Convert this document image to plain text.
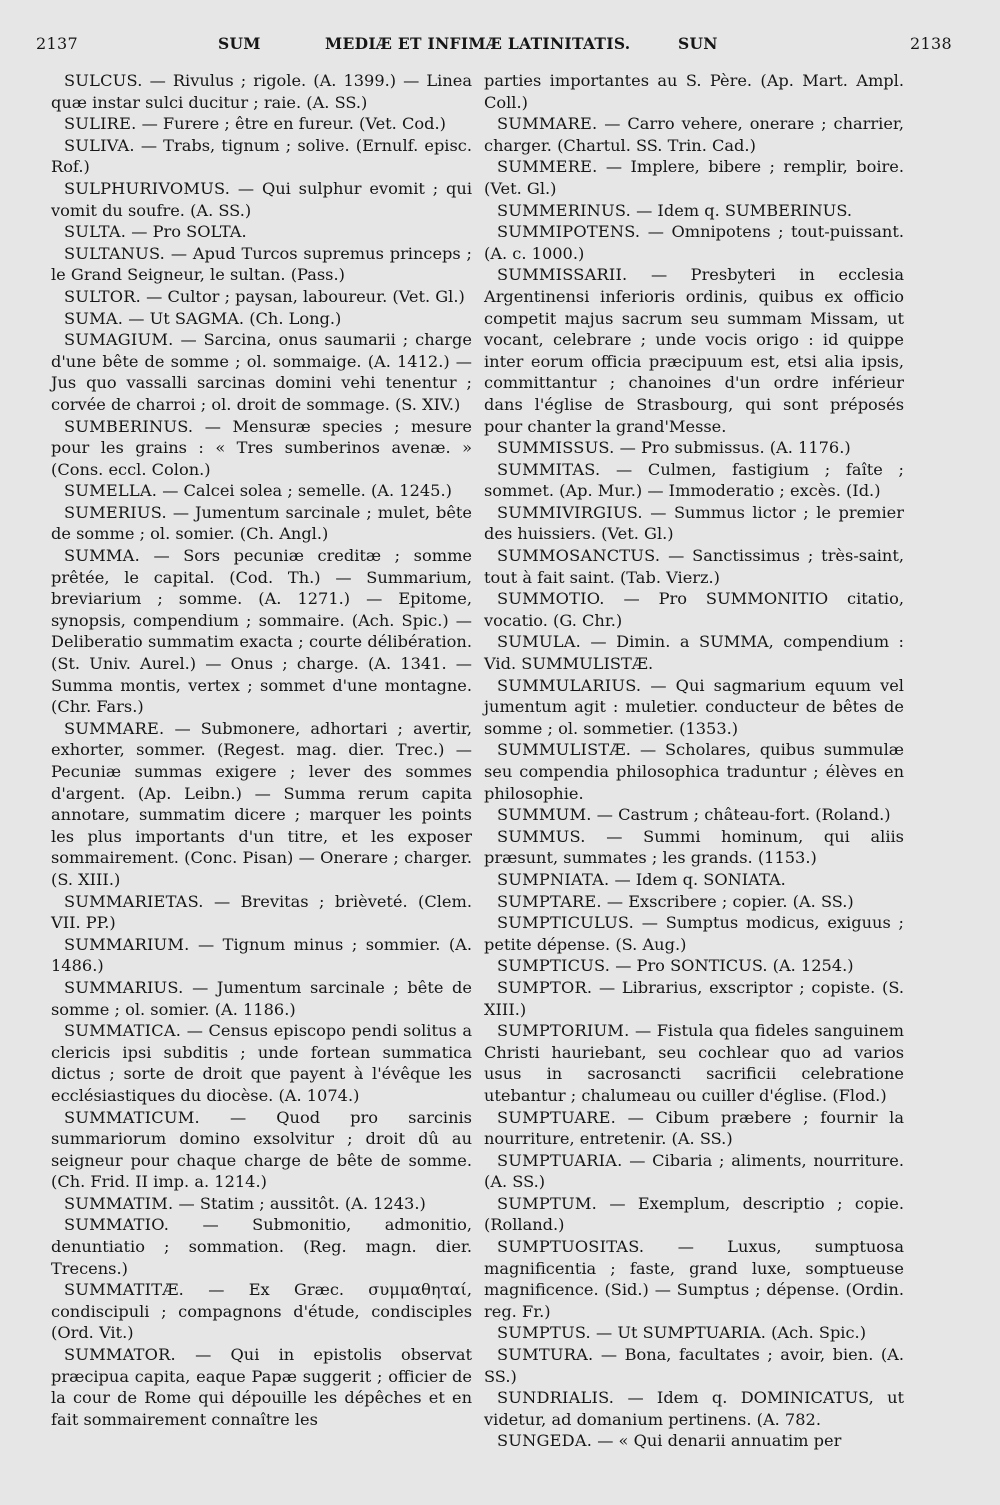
2137	SUM	MEDIÆ ET INFIMÆ LATINITATIS.	SUN	2138

SULCUS. — Rivulus ; rigole. (A. 1399.) — Linea quæ instar sulci ducitur ; raie. (A. SS.)

SULIRE. — Furere ; être en fureur. (Vet. Cod.)

SULIVA. — Trabs, tignum ; solive. (Ernulf. episc. Rof.)

SULPHURIVOMUS. — Qui sulphur evomit ; qui vomit du soufre. (A. SS.)

SULTA. — Pro SOLTA.

SULTANUS. — Apud Turcos supremus princeps ; le Grand Seigneur, le sultan. (Pass.)

SULTOR. — Cultor ; paysan, laboureur. (Vet. Gl.)

SUMA. — Ut SAGMA. (Ch. Long.)

SUMAGIUM. — Sarcina, onus saumarii ; charge d'une bête de somme ; ol. sommaige. (A. 1412.) — Jus quo vassalli sarcinas domini vehi tenentur ; corvée de charroi ; ol. droit de sommage. (S. XIV.)

SUMBERINUS. — Mensuræ species ; mesure pour les grains : « Tres sumberinos avenæ. » (Cons. eccl. Colon.)

SUMELLA. — Calcei solea ; semelle. (A. 1245.)

SUMERIUS. — Jumentum sarcinale ; mulet, bête de somme ; ol. somier. (Ch. Angl.)

SUMMA. — Sors pecuniæ creditæ ; somme prêtée, le capital. (Cod. Th.) — Summarium, breviarium ; somme. (A. 1271.) — Epitome, synopsis, compendium ; sommaire. (Ach. Spic.) — Deliberatio summatim exacta ; courte délibération. (St. Univ. Aurel.) — Onus ; charge. (A. 1341. — Summa montis, vertex ; sommet d'une montagne. (Chr. Fars.)

SUMMARE. — Submonere, adhortari ; avertir, exhorter, sommer. (Regest. mag. dier. Trec.) — Pecuniæ summas exigere ; lever des sommes d'argent. (Ap. Leibn.) — Summa rerum capita annotare, summatim dicere ; marquer les points les plus importants d'un titre, et les exposer sommairement. (Conc. Pisan) — Onerare ; charger. (S. XIII.)

SUMMARIETAS. — Brevitas ; brièveté. (Clem. VII. PP.)

SUMMARIUM. — Tignum minus ; sommier. (A. 1486.)

SUMMARIUS. — Jumentum sarcinale ; bête de somme ; ol. somier. (A. 1186.)

SUMMATICA. — Census episcopo pendi solitus a clericis ipsi subditis ; unde fortean summatica dictus ; sorte de droit que payent à l'évêque les ecclésiastiques du diocèse. (A. 1074.)

SUMMATICUM. — Quod pro sarcinis summariorum domino exsolvitur ; droit dû au seigneur pour chaque charge de bête de somme. (Ch. Frid. II imp. a. 1214.)

SUMMATIM. — Statim ; aussitôt. (A. 1243.)

SUMMATIO. — Submonitio, admonitio, denuntiatio ; sommation. (Reg. magn. dier. Trecens.)

SUMMATITÆ. — Ex Græc. συμμαθηταί, condiscipuli ; compagnons d'étude, condisciples (Ord. Vit.)

SUMMATOR. — Qui in epistolis observat præcipua capita, eaque Papæ suggerit ; officier de la cour de Rome qui dépouille les dépêches et en fait sommairement connaître les

parties importantes au S. Père. (Ap. Mart. Ampl. Coll.)

SUMMARE. — Carro vehere, onerare ; charrier, charger. (Chartul. SS. Trin. Cad.)

SUMMERE. — Implere, bibere ; remplir, boire. (Vet. Gl.)

SUMMERINUS. — Idem q. SUMBERINUS.

SUMMIPOTENS. — Omnipotens ; tout-puissant. (A. c. 1000.)

SUMMISSARII. — Presbyteri in ecclesia Argentinensi inferioris ordinis, quibus ex officio competit majus sacrum seu summam Missam, ut vocant, celebrare ; unde vocis origo : id quippe inter eorum officia præcipuum est, etsi alia ipsis, committantur ; chanoines d'un ordre inférieur dans l'église de Strasbourg, qui sont préposés pour chanter la grand'Messe.

SUMMISSUS. — Pro submissus. (A. 1176.)

SUMMITAS. — Culmen, fastigium ; faîte ; sommet. (Ap. Mur.) — Immoderatio ; excès. (Id.)

SUMMIVIRGIUS. — Summus lictor ; le premier des huissiers. (Vet. Gl.)

SUMMOSANCTUS. — Sanctissimus ; très-saint, tout à fait saint. (Tab. Vierz.)

SUMMOTIO. — Pro SUMMONITIO citatio, vocatio. (G. Chr.)

SUMULA. — Dimin. a SUMMA, compendium : Vid. SUMMULISTÆ.

SUMMULARIUS. — Qui sagmarium equum vel jumentum agit : muletier. conducteur de bêtes de somme ; ol. sommetier. (1353.)

SUMMULISTÆ. — Scholares, quibus summulæ seu compendia philosophica traduntur ; élèves en philosophie.

SUMMUM. — Castrum ; château-fort. (Roland.)

SUMMUS. — Summi hominum, qui aliis præsunt, summates ; les grands. (1153.)

SUMPNIATA. — Idem q. SONIATA.

SUMPTARE. — Exscribere ; copier. (A. SS.)

SUMPTICULUS. — Sumptus modicus, exiguus ; petite dépense. (S. Aug.)

SUMPTICUS. — Pro SONTICUS. (A. 1254.)

SUMPTOR. — Librarius, exscriptor ; copiste. (S. XIII.)

SUMPTORIUM. — Fistula qua fideles sanguinem Christi hauriebant, seu cochlear quo ad varios usus in sacrosancti sacrificii celebratione utebantur ; chalumeau ou cuiller d'église. (Flod.)

SUMPTUARE. — Cibum præbere ; fournir la nourriture, entretenir. (A. SS.)

SUMPTUARIA. — Cibaria ; aliments, nourriture. (A. SS.)

SUMPTUM. — Exemplum, descriptio ; copie. (Rolland.)

SUMPTUOSITAS. — Luxus, sumptuosa magnificentia ; faste, grand luxe, somptueuse magnificence. (Sid.) — Sumptus ; dépense. (Ordin. reg. Fr.)

SUMPTUS. — Ut SUMPTUARIA. (Ach. Spic.)

SUMTURA. — Bona, facultates ; avoir, bien. (A. SS.)

SUNDRIALIS. — Idem q. DOMINICATUS, ut videtur, ad domanium pertinens. (A. 782.

SUNGEDA. — « Qui denarii annuatim per
